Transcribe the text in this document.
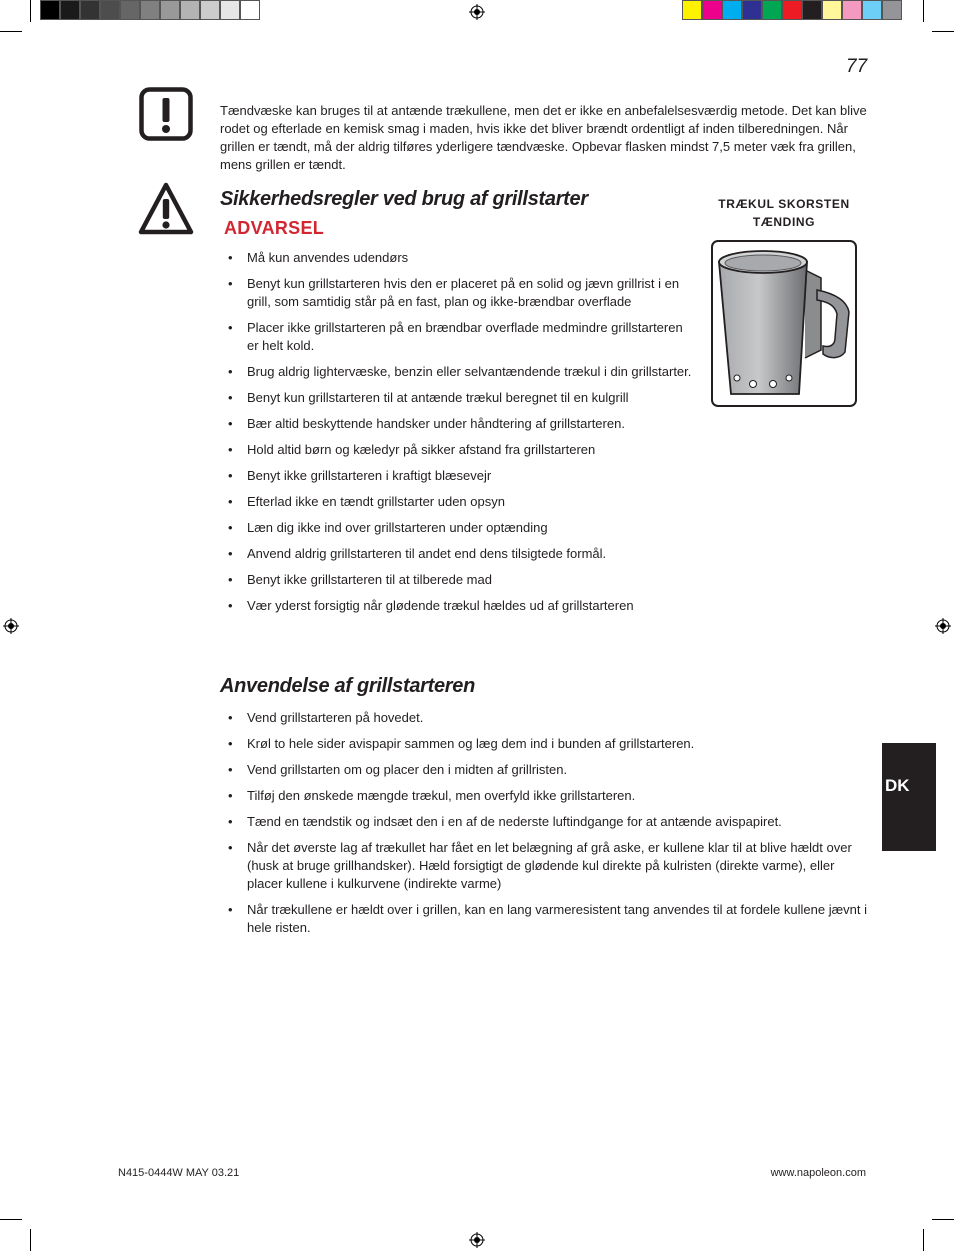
77
Tændvæske kan bruges til at antænde trækullene, men det er ikke en anbefalelsesværdig metode. Det kan blive rodet og efterlade en kemisk smag i maden, hvis ikke det bliver brændt ordentligt af inden tilberedningen. Når grillen er tændt, må der aldrig tilføres yderligere tændvæske. Opbevar flasken mindst 7,5 meter væk fra grillen, mens grillen er tændt.
Sikkerhedsregler ved brug af grillstarter
ADVARSEL
• Må kun anvendes udendørs
• Benyt kun grillstarteren hvis den er placeret på en solid og jævn grillrist i en grill, som samtidig står på en fast, plan og ikke-brændbar overflade
• Placer ikke grillstarteren på en brændbar overflade medmindre grillstarteren er helt kold.
• Brug aldrig lightervæske, benzin eller selvantændende trækul i din grillstarter.
• Benyt kun grillstarteren til at antænde trækul beregnet til en kulgrill
• Bær altid beskyttende handsker under håndtering af grillstarteren.
• Hold altid børn og kæledyr på sikker afstand fra grillstarteren
• Benyt ikke grillstarteren i kraftigt blæsevejr
• Efterlad ikke en tændt grillstarter uden opsyn
• Læn dig ikke ind over grillstarteren under optænding
• Anvend aldrig grillstarteren til andet end dens tilsigtede formål.
• Benyt ikke grillstarteren til at tilberede mad
• Vær yderst forsigtig når glødende trækul hældes ud af grillstarteren
TRÆKUL SKORSTEN
TÆNDING
Anvendelse af grillstarteren
• Vend grillstarteren på hovedet.
• Krøl to hele sider avispapir sammen og læg dem ind i bunden af grillstarteren.
• Vend grillstarten om og placer den i midten af grillristen.
• Tilføj den ønskede mængde trækul, men overfyld ikke grillstarteren.
• Tænd en tændstik og indsæt den i en af de nederste luftindgange for at antænde avispapiret.
• Når det øverste lag af trækullet har fået en let belægning af grå aske, er kullene klar til at blive hældt over (husk at bruge grillhandsker). Hæld forsigtigt de glødende kul direkte på kulristen (direkte varme), eller placer kullene i kulkurvene (indirekte varme)
• Når trækullene er hældt over i grillen, kan en lang varmeresistent tang anvendes til at fordele kullene jævnt i hele risten.
DK
N415-0444W MAY 03.21	www.napoleon.com
